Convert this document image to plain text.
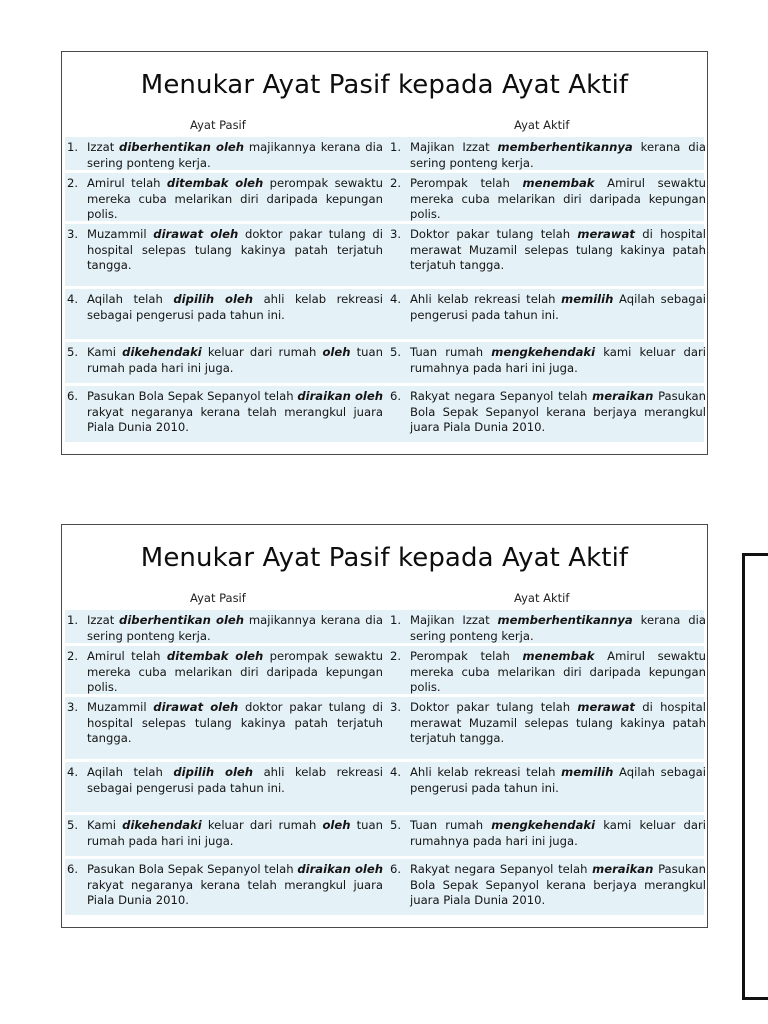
Menukar Ayat Pasif kepada Ayat Aktif
Ayat Pasif	Ayat Aktif
1. Izzat diberhentikan oleh majikannya kerana dia sering ponteng kerja.
1. Majikan Izzat memberhentikannya kerana dia sering ponteng kerja.
2. Amirul telah ditembak oleh perompak sewaktu mereka cuba melarikan diri daripada kepungan polis.
2. Perompak telah menembak Amirul sewaktu mereka cuba melarikan diri daripada kepungan polis.
3. Muzammil dirawat oleh doktor pakar tulang di hospital selepas tulang kakinya patah terjatuh tangga.
3. Doktor pakar tulang telah merawat di hospital merawat Muzamil selepas tulang kakinya patah terjatuh tangga.
4. Aqilah telah dipilih oleh ahli kelab rekreasi sebagai pengerusi pada tahun ini.
4. Ahli kelab rekreasi telah memilih Aqilah sebagai pengerusi pada tahun ini.
5. Kami dikehendaki keluar dari rumah oleh tuan rumah pada hari ini juga.
5. Tuan rumah mengkehendaki kami keluar dari rumahnya pada hari ini juga.
6. Pasukan Bola Sepak Sepanyol telah diraikan oleh rakyat negaranya kerana telah merangkul juara Piala Dunia 2010.
6. Rakyat negara Sepanyol telah meraikan Pasukan Bola Sepak Sepanyol kerana berjaya merangkul juara Piala Dunia 2010.
Menukar Ayat Pasif kepada Ayat Aktif
Ayat Pasif	Ayat Aktif
1. Izzat diberhentikan oleh majikannya kerana dia sering ponteng kerja.
1. Majikan Izzat memberhentikannya kerana dia sering ponteng kerja.
2. Amirul telah ditembak oleh perompak sewaktu mereka cuba melarikan diri daripada kepungan polis.
2. Perompak telah menembak Amirul sewaktu mereka cuba melarikan diri daripada kepungan polis.
3. Muzammil dirawat oleh doktor pakar tulang di hospital selepas tulang kakinya patah terjatuh tangga.
3. Doktor pakar tulang telah merawat di hospital merawat Muzamil selepas tulang kakinya patah terjatuh tangga.
4. Aqilah telah dipilih oleh ahli kelab rekreasi sebagai pengerusi pada tahun ini.
4. Ahli kelab rekreasi telah memilih Aqilah sebagai pengerusi pada tahun ini.
5. Kami dikehendaki keluar dari rumah oleh tuan rumah pada hari ini juga.
5. Tuan rumah mengkehendaki kami keluar dari rumahnya pada hari ini juga.
6. Pasukan Bola Sepak Sepanyol telah diraikan oleh rakyat negaranya kerana telah merangkul juara Piala Dunia 2010.
6. Rakyat negara Sepanyol telah meraikan Pasukan Bola Sepak Sepanyol kerana berjaya merangkul juara Piala Dunia 2010.
